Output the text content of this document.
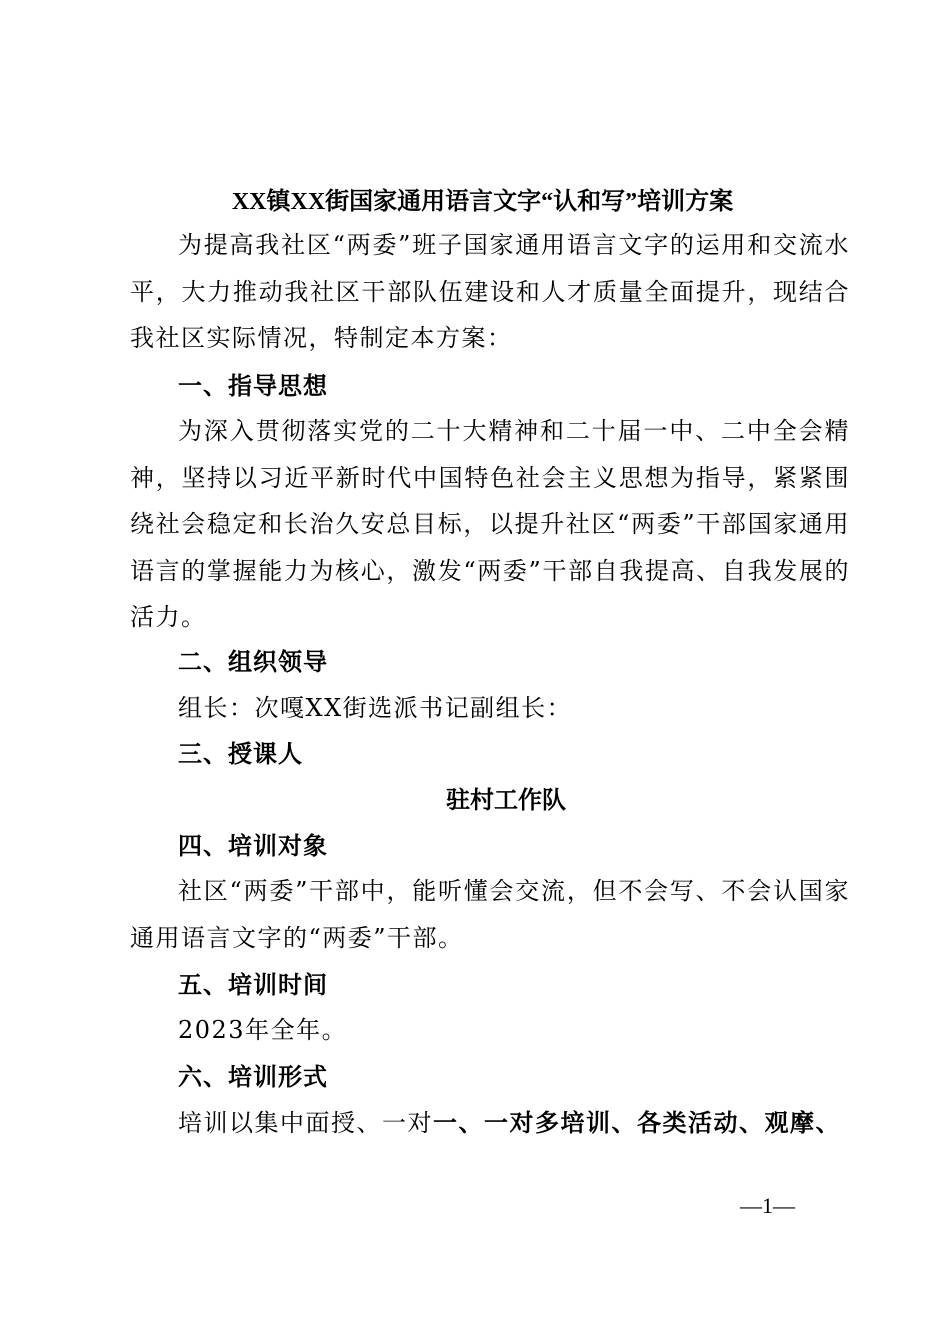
XX镇XX街国家通用语言文字“认和写”培训方案
为提高我社区“两委”班子国家通用语言文字的运用和交流水平，大力推动我社区干部队伍建设和人才质量全面提升，现结合我社区实际情况，特制定本方案：
一、指导思想
为深入贯彻落实党的二十大精神和二十届一中、二中全会精神，坚持以习近平新时代中国特色社会主义思想为指导，紧紧围绕社会稳定和长治久安总目标，以提升社区“两委”干部国家通用语言的掌握能力为核心，激发“两委”干部自我提高、自我发展的活力。
二、组织领导
组长：次嘎XX街选派书记副组长：
三、授课人
驻村工作队
四、培训对象
社区“两委”干部中，能听懂会交流，但不会写、不会认国家通用语言文字的“两委”干部。
五、培训时间
2023年全年。
六、培训形式
培训以集中面授、一对一、一对多培训、各类活动、观摩、
—1—
